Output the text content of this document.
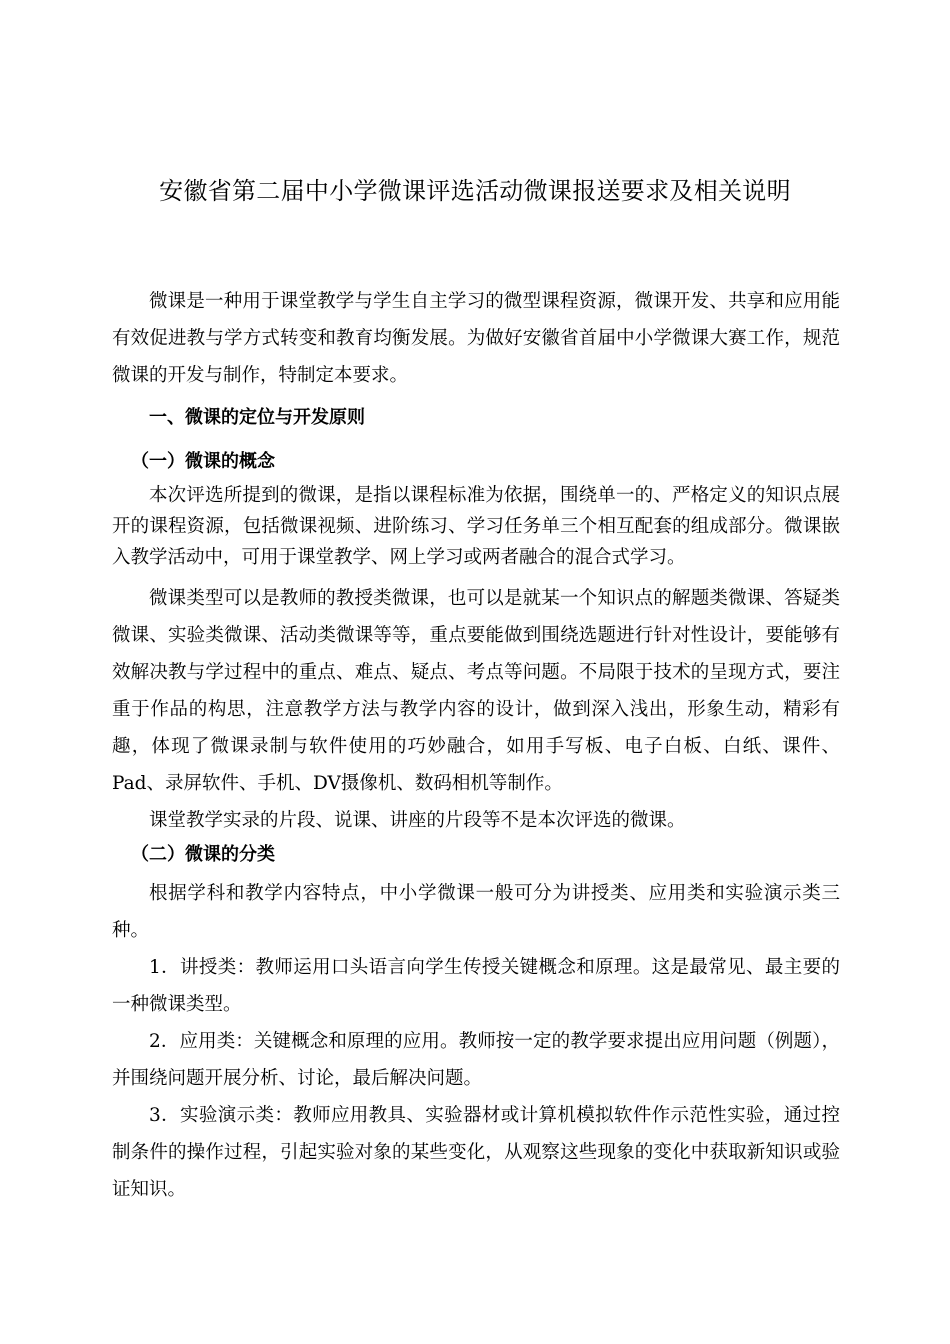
安徽省第二届中小学微课评选活动微课报送要求及相关说明
微课是一种用于课堂教学与学生自主学习的微型课程资源，微课开发、共享和应用能有效促进教与学方式转变和教育均衡发展。为做好安徽省首届中小学微课大赛工作，规范微课的开发与制作，特制定本要求。
一、微课的定位与开发原则
（一）微课的概念
本次评选所提到的微课，是指以课程标准为依据，围绕单一的、严格定义的知识点展开的课程资源，包括微课视频、进阶练习、学习任务单三个相互配套的组成部分。微课嵌入教学活动中，可用于课堂教学、网上学习或两者融合的混合式学习。
微课类型可以是教师的教授类微课，也可以是就某一个知识点的解题类微课、答疑类微课、实验类微课、活动类微课等等，重点要能做到围绕选题进行针对性设计，要能够有效解决教与学过程中的重点、难点、疑点、考点等问题。不局限于技术的呈现方式，要注重于作品的构思，注意教学方法与教学内容的设计，做到深入浅出，形象生动，精彩有趣，体现了微课录制与软件使用的巧妙融合，如用手写板、电子白板、白纸、课件、Pad、录屏软件、手机、DV摄像机、数码相机等制作。
课堂教学实录的片段、说课、讲座的片段等不是本次评选的微课。
（二）微课的分类
根据学科和教学内容特点，中小学微课一般可分为讲授类、应用类和实验演示类三种。
1．讲授类：教师运用口头语言向学生传授关键概念和原理。这是最常见、最主要的一种微课类型。
2．应用类：关键概念和原理的应用。教师按一定的教学要求提出应用问题（例题），并围绕问题开展分析、讨论，最后解决问题。
3．实验演示类：教师应用教具、实验器材或计算机模拟软件作示范性实验，通过控制条件的操作过程，引起实验对象的某些变化，从观察这些现象的变化中获取新知识或验证知识。
